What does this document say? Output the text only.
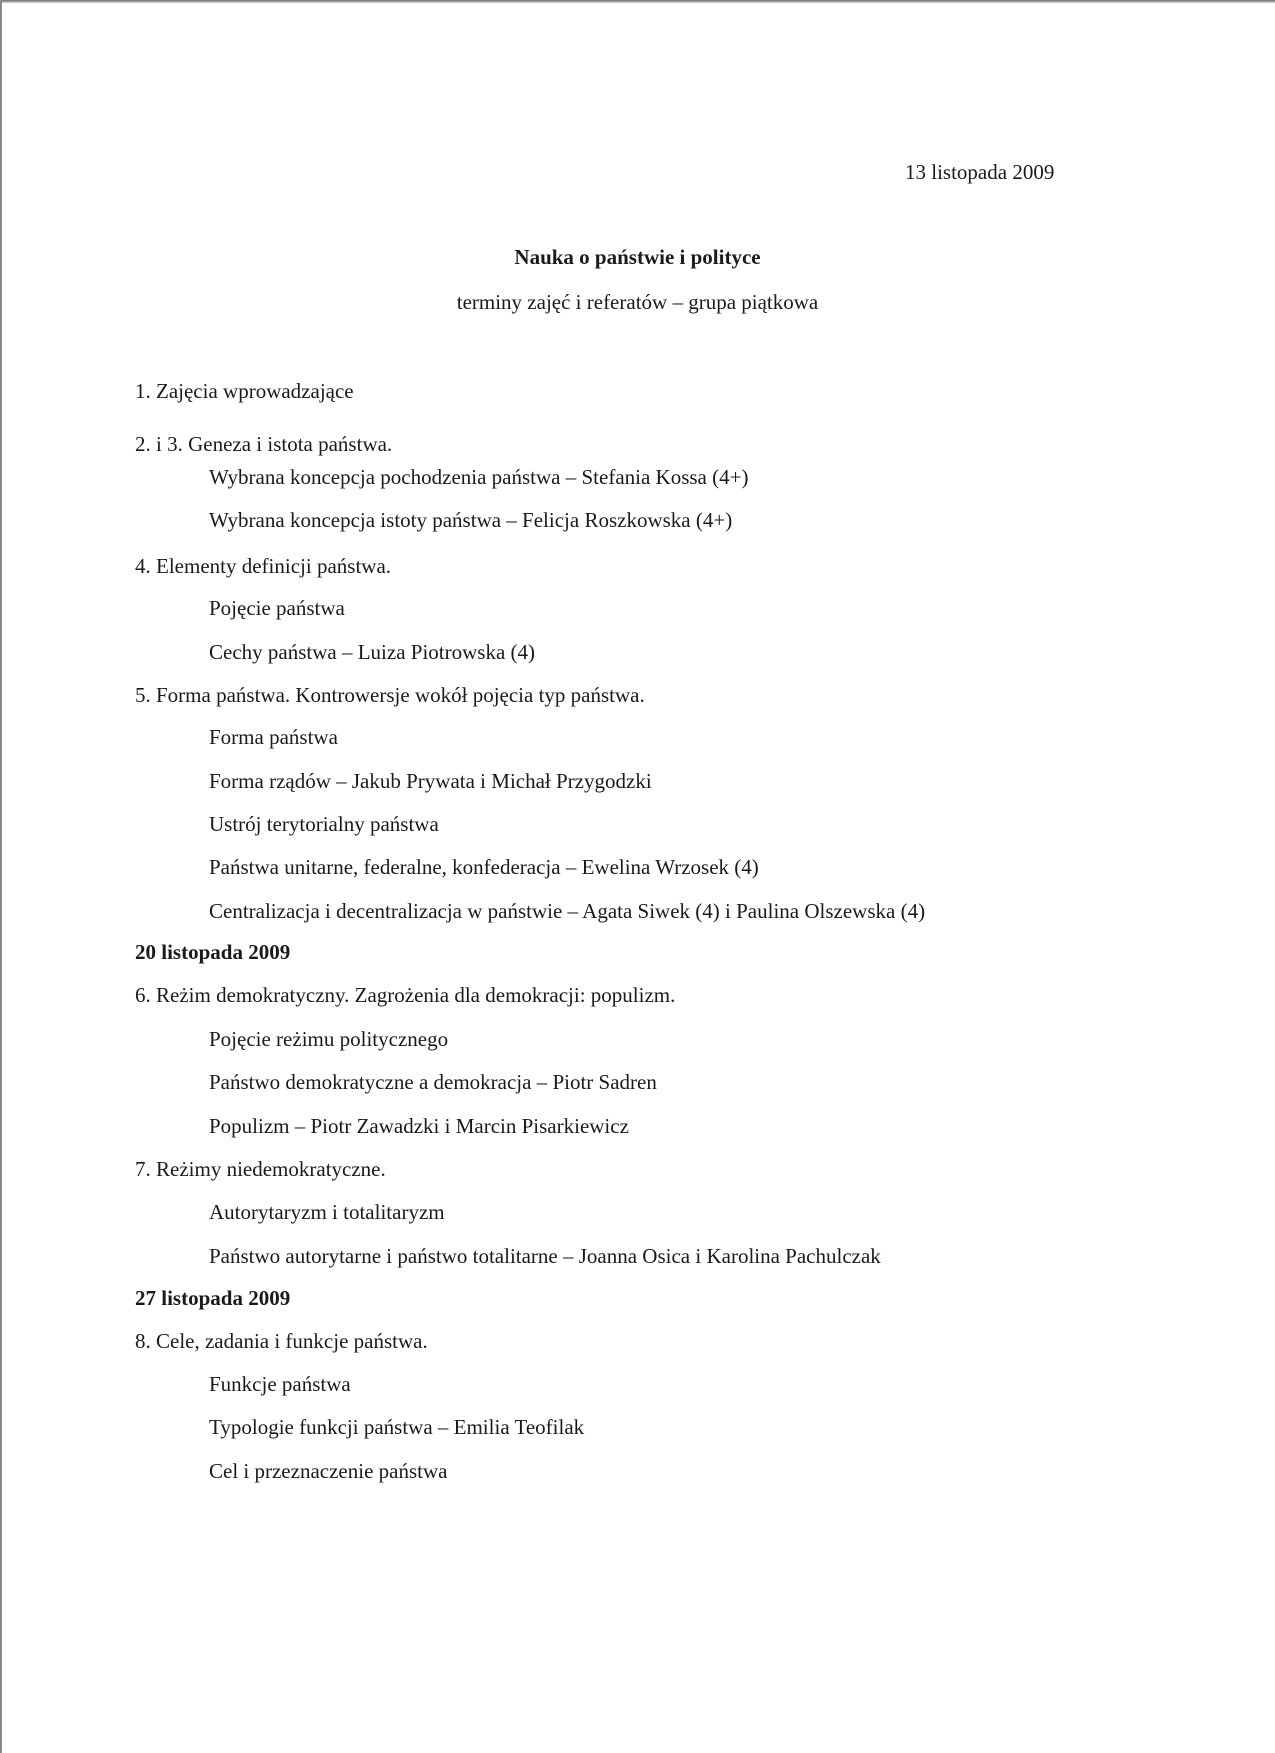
13 listopada 2009
Nauka o państwie i polityce
terminy zajęć i referatów – grupa piątkowa
1. Zajęcia wprowadzające
2. i 3. Geneza i istota państwa.
Wybrana koncepcja pochodzenia państwa – Stefania Kossa (4+)
Wybrana koncepcja istoty państwa – Felicja Roszkowska (4+)
4. Elementy definicji państwa.
Pojęcie państwa
Cechy państwa – Luiza Piotrowska (4)
5. Forma państwa. Kontrowersje wokół pojęcia typ państwa.
Forma państwa
Forma rządów – Jakub Prywata i Michał Przygodzki
Ustrój terytorialny państwa
Państwa unitarne, federalne, konfederacja – Ewelina Wrzosek (4)
Centralizacja i decentralizacja w państwie – Agata Siwek (4) i Paulina Olszewska (4)
20 listopada 2009
6. Reżim demokratyczny. Zagrożenia dla demokracji: populizm.
Pojęcie reżimu politycznego
Państwo demokratyczne a demokracja – Piotr Sadren
Populizm – Piotr Zawadzki i Marcin Pisarkiewicz
7. Reżimy niedemokratyczne.
Autorytaryzm i totalitaryzm
Państwo autorytarne i państwo totalitarne – Joanna Osica i Karolina Pachulczak
27 listopada 2009
8. Cele, zadania i funkcje państwa.
Funkcje państwa
Typologie funkcji państwa – Emilia Teofilak
Cel i przeznaczenie państwa
